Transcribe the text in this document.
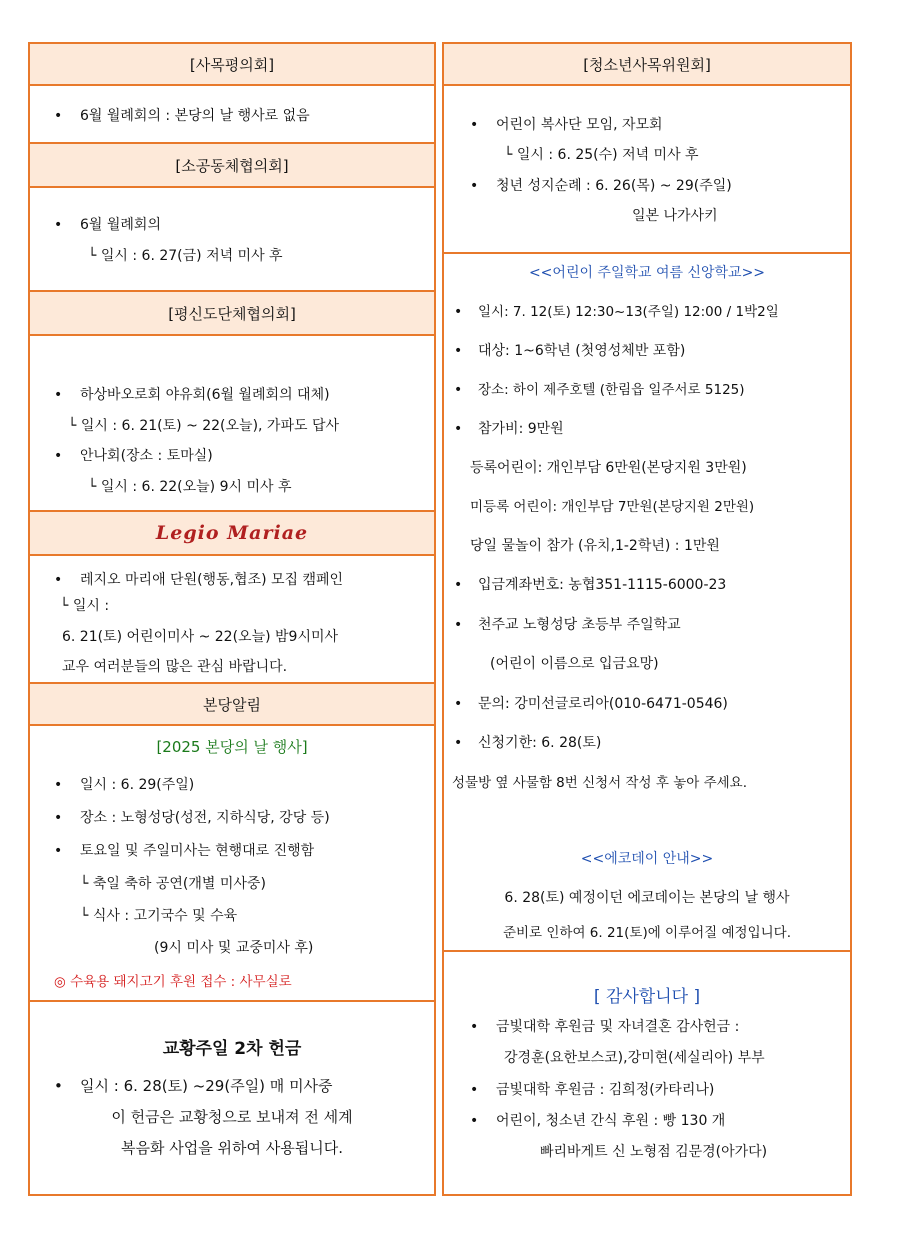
[사목평의회]
• 6월 월례회의 : 본당의 날 행사로 없음
[소공동체협의회]
• 6월 월례회의
└ 일시 : 6. 27(금) 저녁 미사 후
[평신도단체협의회]
• 하상바오로회 야유회(6월 월례회의 대체)
└ 일시 : 6. 21(토) ~ 22(오늘), 가파도 답사
• 안나회(장소 : 토마실)
└ 일시 : 6. 22(오늘) 9시 미사 후
Legio Mariae
• 레지오 마리애 단원(행동,협조) 모집 캠페인
└ 일시 :
6. 21(토) 어린이미사 ~ 22(오늘) 밤9시미사
교우 여러분들의 많은 관심 바랍니다.
본당알림
[2025 본당의 날 행사]
• 일시 : 6. 29(주일)
• 장소 : 노형성당(성전, 지하식당, 강당 등)
• 토요일 및 주일미사는 현행대로 진행함
└ 축일 축하 공연(개별 미사중)
└ 식사 : 고기국수 및 수육
(9시 미사 및 교중미사 후)
◎ 수육용 돼지고기 후원 접수 : 사무실로
교황주일 2차 헌금
• 일시 : 6. 28(토) ~29(주일) 매 미사중
이 헌금은 교황청으로 보내져 전 세계
복음화 사업을 위하여 사용됩니다.
[청소년사목위원회]
• 어린이 복사단 모임, 자모회
└ 일시 : 6. 25(수) 저녁 미사 후
• 청년 성지순례 : 6. 26(목) ~ 29(주일)
일본 나가사키
<<어린이 주일학교 여름 신앙학교>>
• 일시: 7. 12(토) 12:30~13(주일) 12:00 / 1박2일
• 대상: 1~6학년 (첫영성체반 포함)
• 장소: 하이 제주호텔 (한림읍 일주서로 5125)
• 참가비: 9만원
등록어린이: 개인부담 6만원(본당지원 3만원)
미등록 어린이: 개인부담 7만원(본당지원 2만원)
당일 물놀이 참가 (유치,1-2학년) : 1만원
• 입금계좌번호: 농협351-1115-6000-23
• 천주교 노형성당 초등부 주일학교
(어린이 이름으로 입금요망)
• 문의: 강미선글로리아(010-6471-0546)
• 신청기한: 6. 28(토)
성물방 옆 사물함 8번 신청서 작성 후 놓아 주세요.
<<에코데이 안내>>
6. 28(토) 예정이던 에코데이는 본당의 날 행사
준비로 인하여 6. 21(토)에 이루어질 예정입니다.
[ 감사합니다 ]
• 금빛대학 후원금 및 자녀결혼 감사헌금 :
강경훈(요한보스코),강미현(세실리아) 부부
• 금빛대학 후원금 : 김희정(카타리나)
• 어린이, 청소년 간식 후원 : 빵 130 개
빠리바게트 신 노형점 김문경(아가다)
